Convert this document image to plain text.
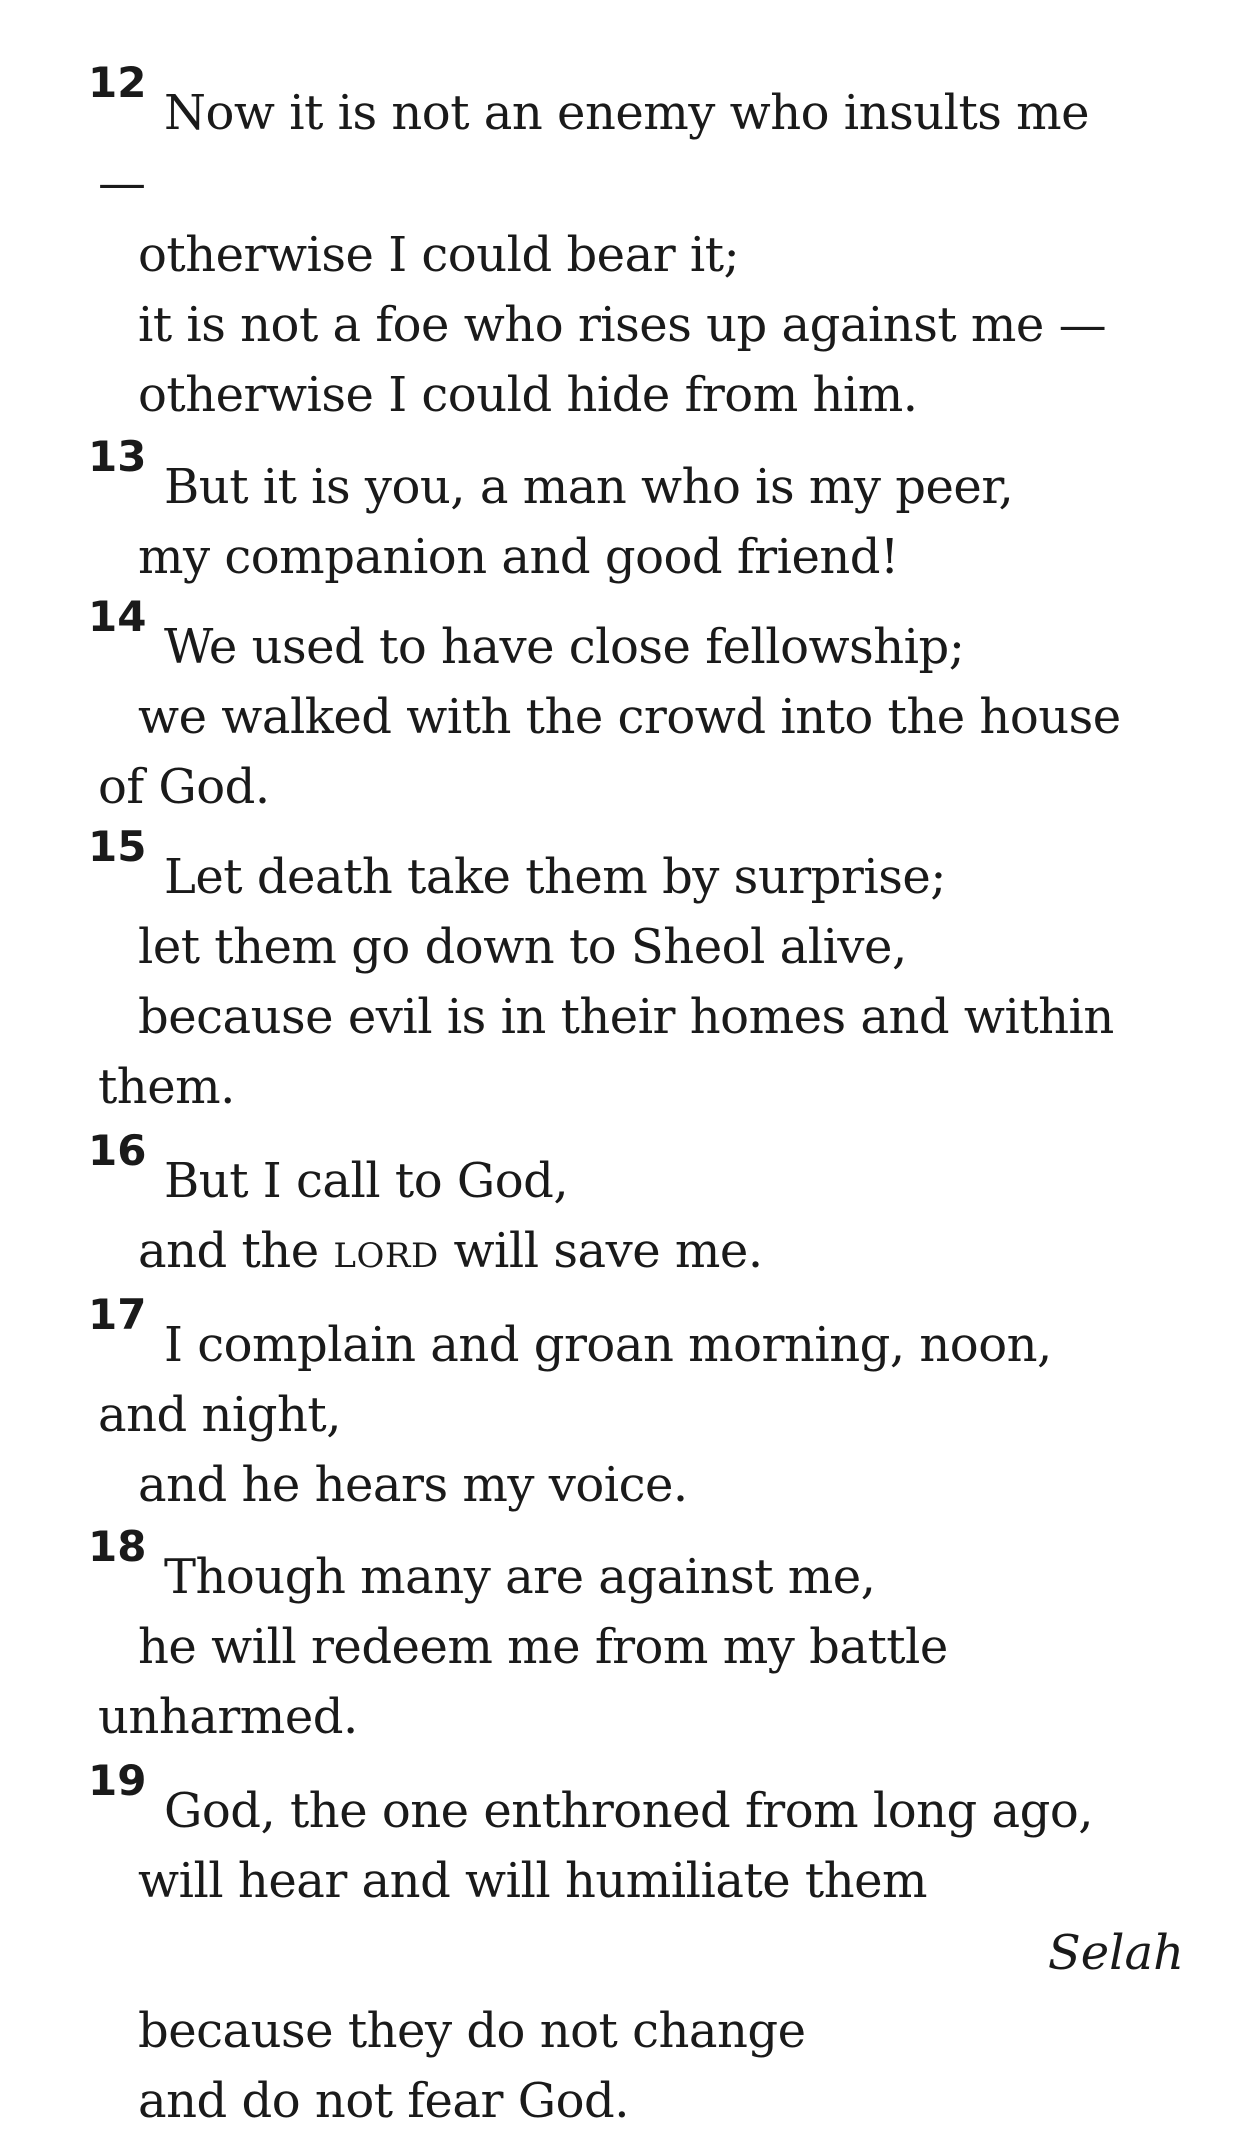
12
Now it is not an enemy who insults me
—
otherwise I could bear it;
it is not a foe who rises up against me —
otherwise I could hide from him.
13
But it is you, a man who is my peer,
my companion and good friend!
14
We used to have close fellowship;
we walked with the crowd into the house
of God.
15
Let death take them by surprise;
let them go down to Sheol alive,
because evil is in their homes and within
them.
16
But I call to God,
and the lord will save me.
17
I complain and groan morning, noon,
and night,
and he hears my voice.
18
Though many are against me,
he will redeem me from my battle
unharmed.
19
God, the one enthroned from long ago,
will hear and will humiliate them
Selah
because they do not change
and do not fear God.
